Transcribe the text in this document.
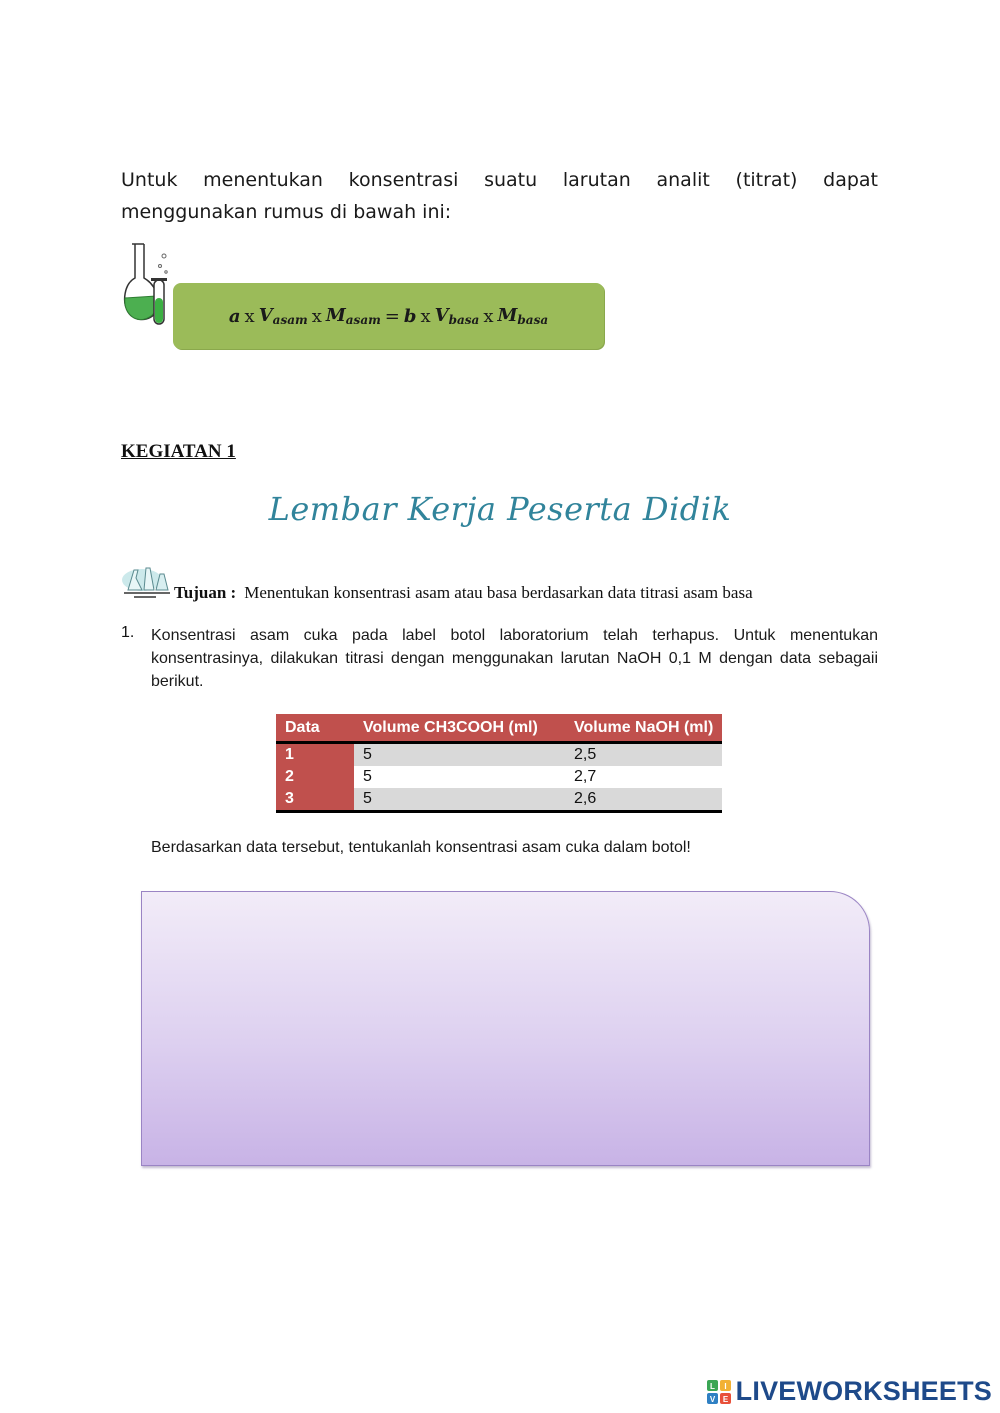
Untuk menentukan konsentrasi suatu larutan analit (titrat) dapat menggunakan rumus di bawah ini:

a x $V_{asam}$ x $M_{asam} = b$ x $V_{basa}$ x $M_{basa}$

KEGIATAN 1

Lembar Kerja Peserta Didik

Tujuan : Menentukan konsentrasi asam atau basa berdasarkan data titrasi asam basa

1. Konsentrasi asam cuka pada label botol laboratorium telah terhapus. Untuk menentukan konsentrasinya, dilakukan titrasi dengan menggunakan larutan NaOH 0,1 M dengan data sebagaii berikut.

Data	Volume CH3COOH (ml)	Volume NaOH (ml)
1	5	2,5
2	5	2,7
3	5	2,6

Berdasarkan data tersebut, tentukanlah konsentrasi asam cuka dalam botol!

L I
V E LIVEWORKSHEETS
